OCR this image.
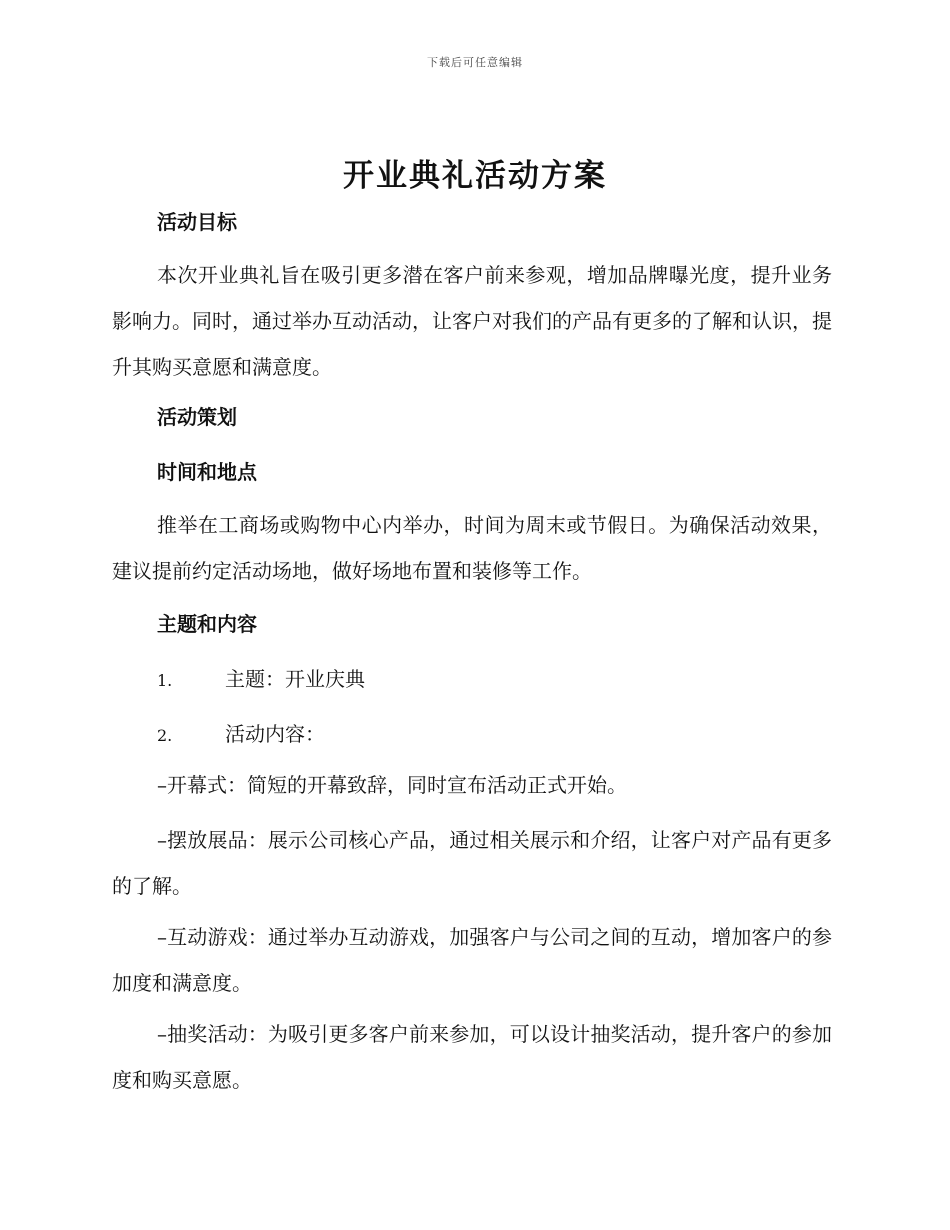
下载后可任意编辑
开业典礼活动方案
活动目标

本次开业典礼旨在吸引更多潜在客户前来参观，增加品牌曝光度，提升业务影响力。同时，通过举办互动活动，让客户对我们的产品有更多的了解和认识，提升其购买意愿和满意度。

活动策划
时间和地点

推举在工商场或购物中心内举办，时间为周末或节假日。为确保活动效果，建议提前约定活动场地，做好场地布置和装修等工作。

主题和内容
1.	主题：开业庆典
2.	活动内容：

–开幕式：简短的开幕致辞，同时宣布活动正式开始。

–摆放展品：展示公司核心产品，通过相关展示和介绍，让客户对产品有更多的了解。

–互动游戏：通过举办互动游戏，加强客户与公司之间的互动，增加客户的参加度和满意度。

–抽奖活动：为吸引更多客户前来参加，可以设计抽奖活动，提升客户的参加度和购买意愿。
